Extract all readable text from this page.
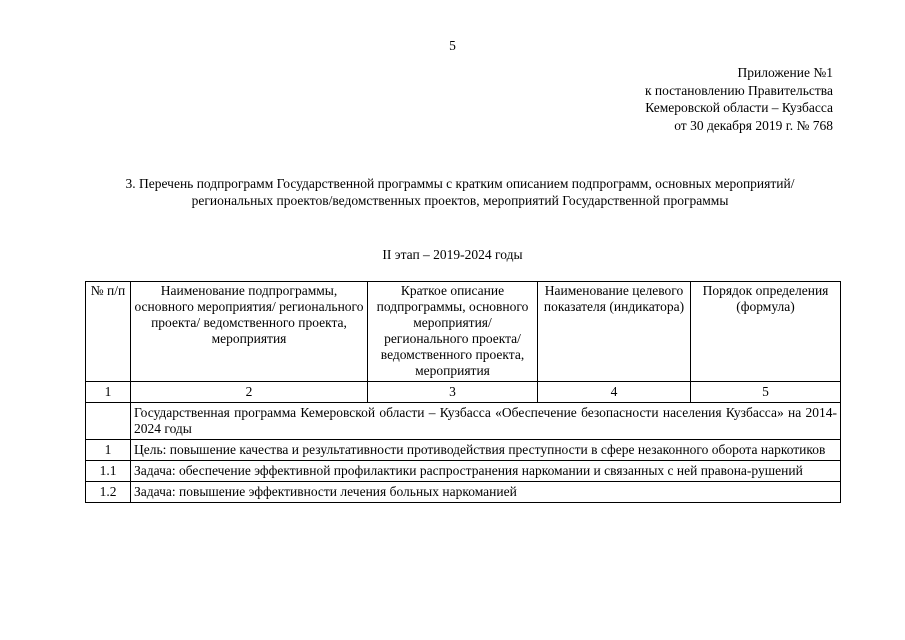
5
Приложение №1
к постановлению Правительства
Кемеровской области – Кузбасса
от 30 декабря 2019 г. № 768
3. Перечень подпрограмм Государственной программы с кратким описанием подпрограмм, основных мероприятий/региональных проектов/ведомственных проектов, мероприятий Государственной программы
II этап – 2019-2024 годы
№ п/п	Наименование подпрограммы, основного мероприятия/ регионального проекта/ ведомственного проекта, мероприятия	Краткое описание подпрограммы, основного мероприятия/ регионального проекта/ ведомственного проекта, мероприятия	Наименование целевого показателя (индикатора)	Порядок определения (формула)
1	2	3	4	5
	Государственная программа Кемеровской области – Кузбасса «Обеспечение безопасности населения Кузбасса» на 2014-2024 годы			
1	Цель: повышение качества и результативности противодействия преступности в сфере незаконного оборота наркотиков			
1.1	Задача: обеспечение эффективной профилактики распространения наркомании и связанных с ней правона-рушений			
1.2	Задача: повышение эффективности лечения больных наркоманией			
